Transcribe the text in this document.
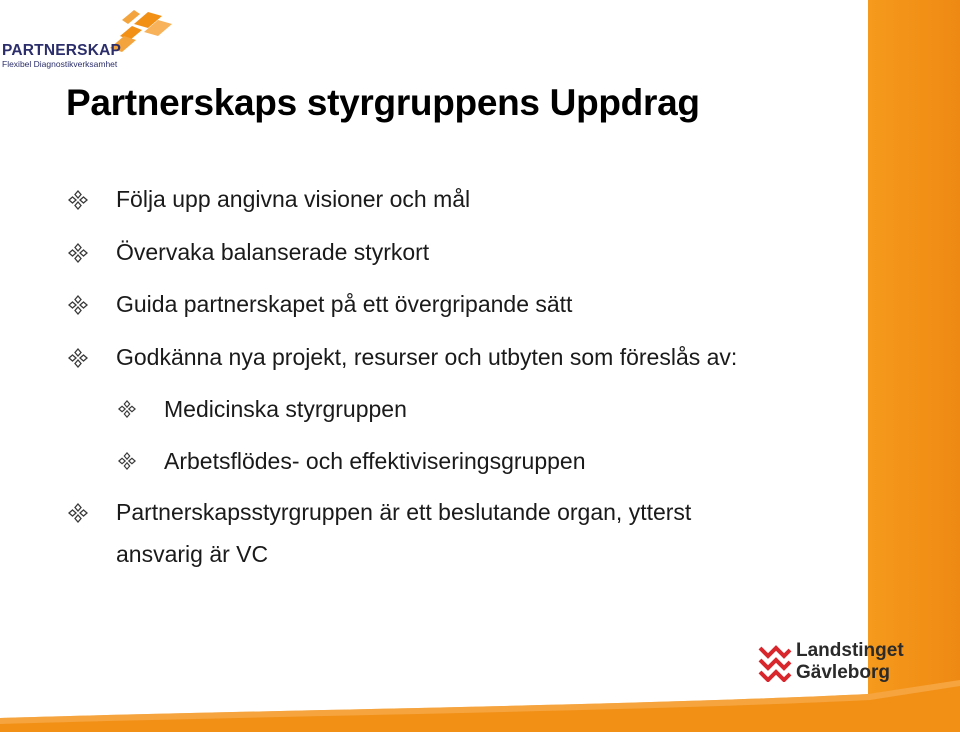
PARTNERSKAP
Flexibel Diagnostikverksamhet
Partnerskaps styrgruppens Uppdrag
Följa upp angivna visioner och mål
Övervaka balanserade styrkort
Guida partnerskapet på ett övergripande sätt
Godkänna nya projekt, resurser och utbyten som föreslås av:
Medicinska styrgruppen
Arbetsflödes- och effektiviseringsgruppen
Partnerskapsstyrgruppen är ett beslutande organ, ytterst
ansvarig är VC
Landstinget
Gävleborg
